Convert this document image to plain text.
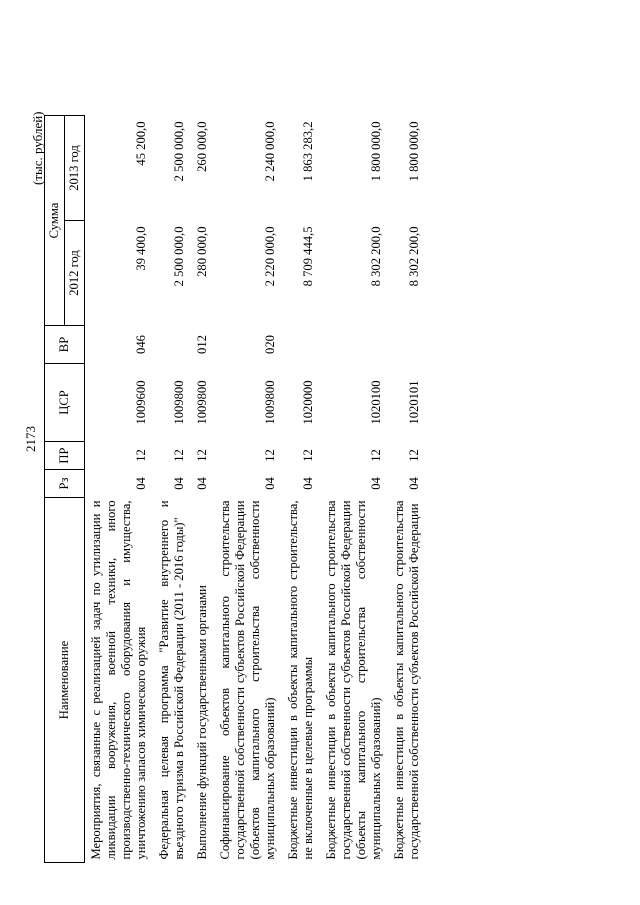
2173
(тыс. рублей)
Наименование	Рз	ПР	ЦСР	ВР	Сумма	
					2012 год	2013 год
Мероприятия, связанные с реализацией задач по утилизации и ликвидации вооружения, военной техники, иного производственно-технического оборудования и имущества, уничтожению запасов химического оружия	04	12	1009600	046	39 400,0	45 200,0
Федеральная целевая программа "Развитие внутреннего и въездного туризма в Российской Федерации (2011 - 2016 годы)"	04	12	1009800		2 500 000,0	2 500 000,0
Выполнение функций государственными органами	04	12	1009800	012	280 000,0	260 000,0
Софинансирование объектов капитального строительства государственной собственности субъектов Российской Федерации (объектов капитального строительства собственности муниципальных образований)	04	12	1009800	020	2 220 000,0	2 240 000,0
Бюджетные инвестиции в объекты капитального строительства, не включенные в целевые программы	04	12	1020000		8 709 444,5	1 863 283,2
Бюджетные инвестиции в объекты капитального строительства государственной собственности субъектов Российской Федерации (объекты капитального строительства собственности муниципальных образований)	04	12	1020100		8 302 200,0	1 800 000,0
Бюджетные инвестиции в объекты капитального строительства государственной собственности субъектов Российской Федерации	04	12	1020101		8 302 200,0	1 800 000,0
